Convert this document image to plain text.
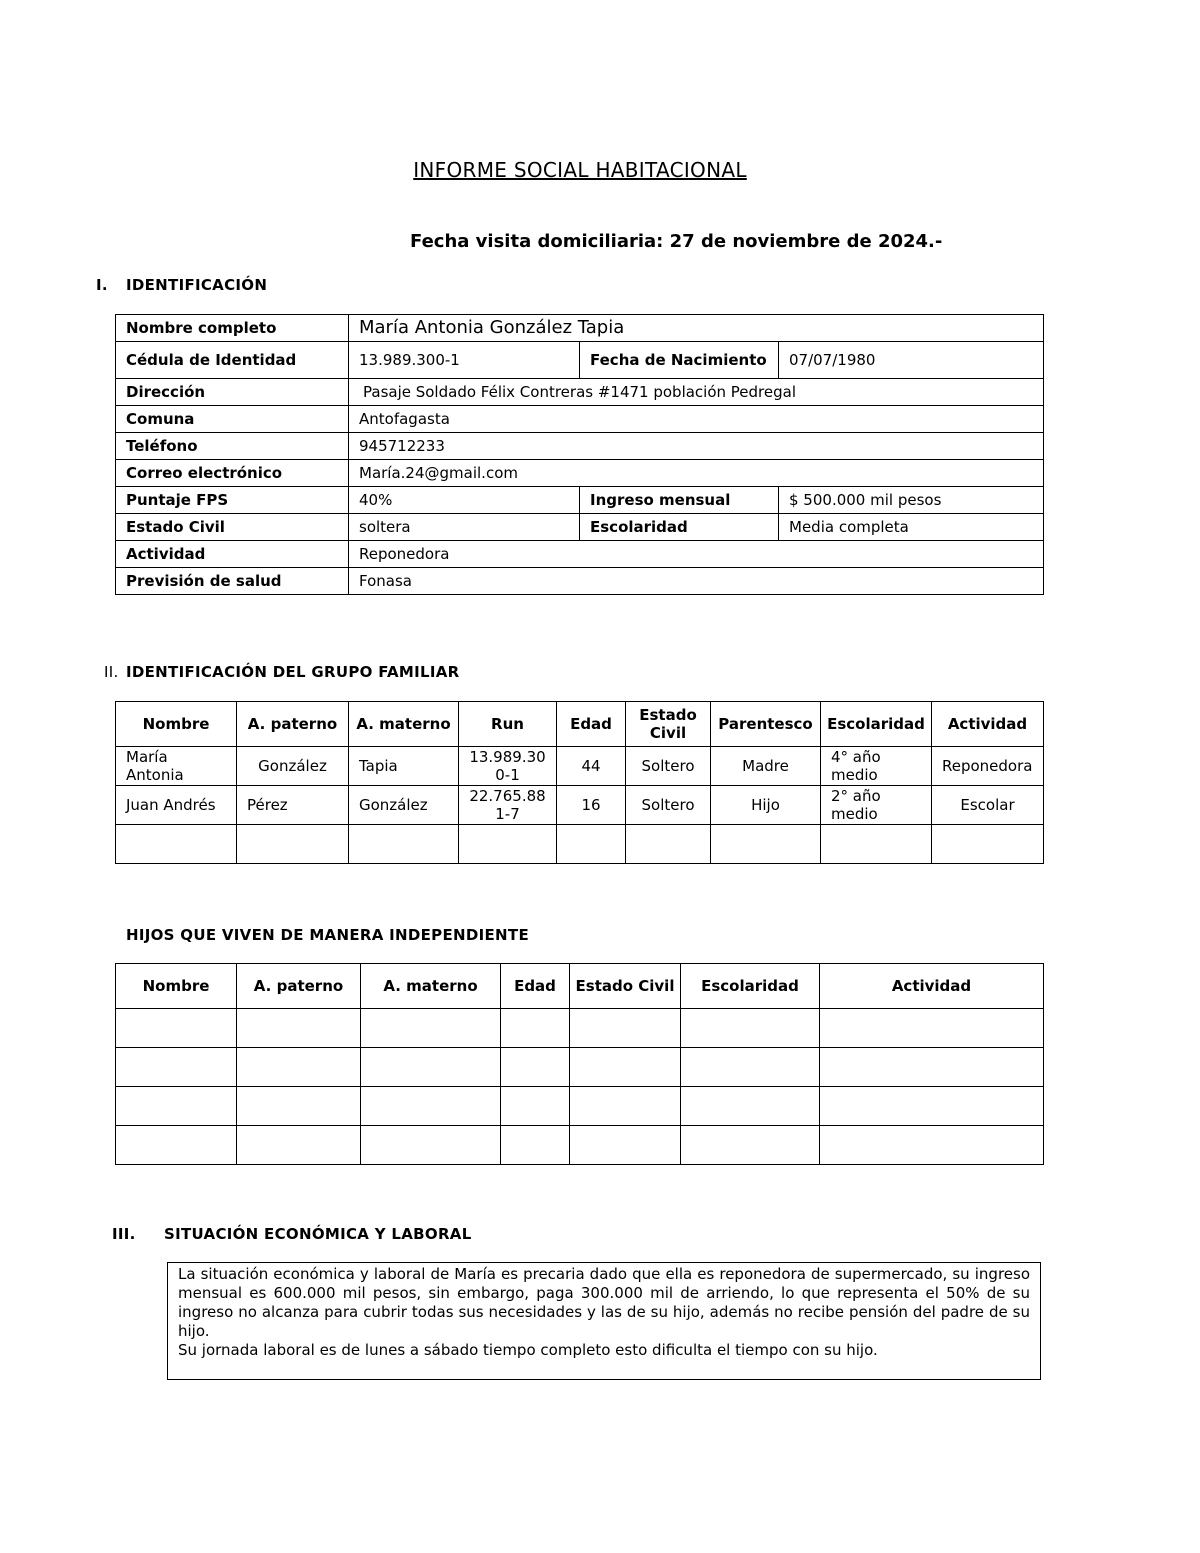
INFORME SOCIAL HABITACIONAL
Fecha visita domiciliaria: 27 de noviembre de 2024.-
I. IDENTIFICACIÓN
Nombre completo	María Antonia González Tapia		
Cédula de Identidad	13.989.300-1	Fecha de Nacimiento	07/07/1980
Dirección	Pasaje Soldado Félix Contreras #1471 población Pedregal		
Comuna	Antofagasta		
Teléfono	945712233		
Correo electrónico	María.24@gmail.com		
Puntaje FPS	40%	Ingreso mensual	$ 500.000 mil pesos
Estado Civil	soltera	Escolaridad	Media completa
Actividad	Reponedora		
Previsión de salud	Fonasa		
II. IDENTIFICACIÓN DEL GRUPO FAMILIAR
Nombre	A. paterno	A. materno	Run	Edad	Estado Civil	Parentesco	Escolaridad	Actividad
María Antonia	González	Tapia	13.989.300-1	44	Soltero	Madre	4° año medio	Reponedora
Juan Andrés	Pérez	González	22.765.881-7	16	Soltero	Hijo	2° año medio	Escolar

HIJOS QUE VIVEN DE MANERA INDEPENDIENTE
Nombre	A. paterno	A. materno	Edad	Estado Civil	Escolaridad	Actividad

III. SITUACIÓN ECONÓMICA Y LABORAL

La situación económica y laboral de María es precaria dado que ella es reponedora de supermercado, su ingreso mensual es 600.000 mil pesos, sin embargo, paga 300.000 mil de arriendo, lo que representa el 50% de su ingreso no alcanza para cubrir todas sus necesidades y las de su hijo, además no recibe pensión del padre de su hijo.

Su jornada laboral es de lunes a sábado tiempo completo esto dificulta el tiempo con su hijo.
